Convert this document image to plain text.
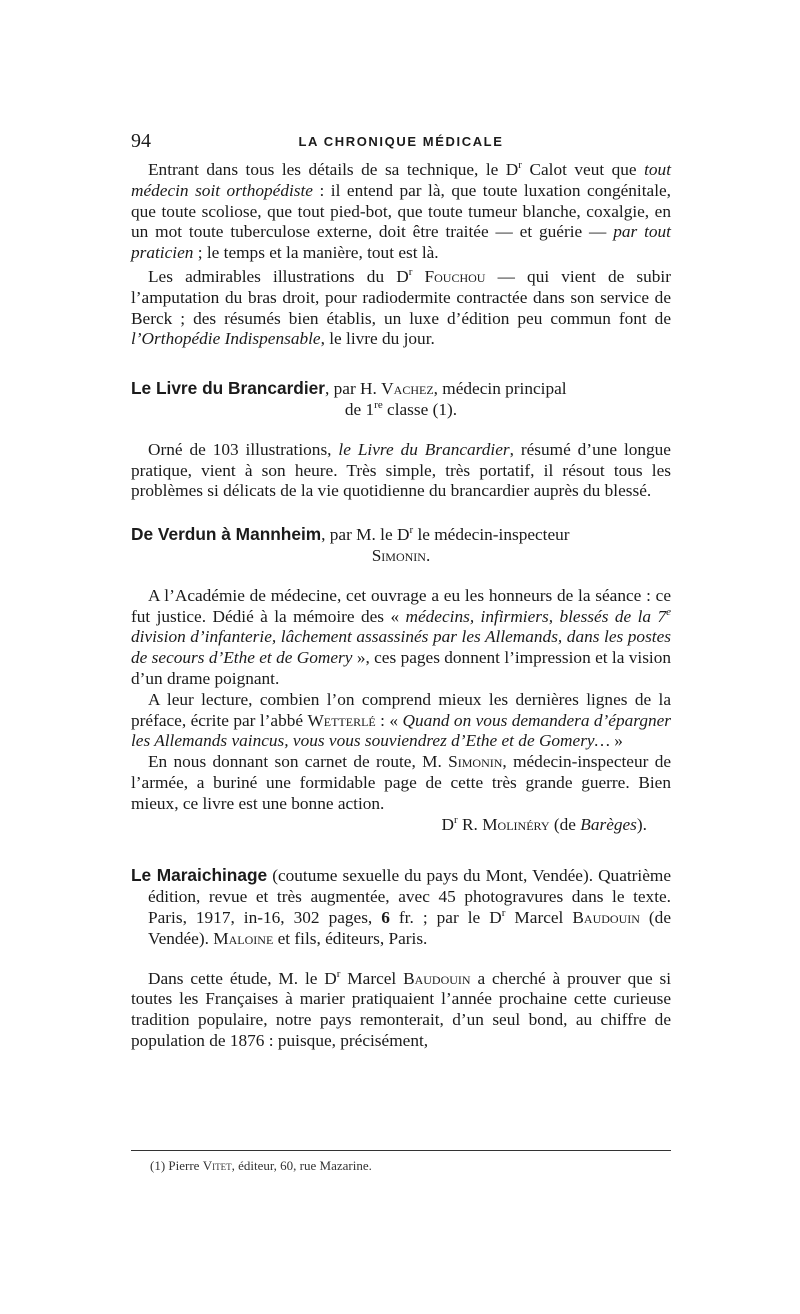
94	LA CHRONIQUE MÉDICALE

Entrant dans tous les détails de sa technique, le $D^r$ Calot veut que tout médecin soit orthopédiste : il entend par là, que toute luxation congénitale, que toute scoliose, que tout pied-bot, que toute tumeur blanche, coxalgie, en un mot toute tuberculose externe, doit être traitée — et guérie — par tout praticien ; le temps et la manière, tout est là.

Les admirables illustrations du $D^r$ Fouchou — qui vient de subir l’amputation du bras droit, pour radiodermite contractée dans son service de Berck ; des résumés bien établis, un luxe d’édition peu commun font de l’Orthopédie Indispensable, le livre du jour.

Le Livre du Brancardier, par H. Vachez, médecin principal

de 1re classe (1).

Orné de 103 illustrations, le Livre du Brancardier, résumé d’une longue pratique, vient à son heure. Très simple, très portatif, il résout tous les problèmes si délicats de la vie quotidienne du brancardier auprès du blessé.

De Verdun à Mannheim, par M. le $D^r$ le médecin-inspecteur

Simonin.

A l’Académie de médecine, cet ouvrage a eu les honneurs de la séance : ce fut justice. Dédié à la mémoire des « médecins, infirmiers, blessés de la 7e division d’infanterie, lâchement assassinés par les Allemands, dans les postes de secours d’Ethe et de Gomery », ces pages donnent l’impression et la vision d’un drame poignant.

A leur lecture, combien l’on comprend mieux les dernières lignes de la préface, écrite par l’abbé Wetterlé : « Quand on vous demandera d’épargner les Allemands vaincus, vous vous souviendrez d’Ethe et de Gomery… »

En nous donnant son carnet de route, M. Simonin, médecin-inspecteur de l’armée, a buriné une formidable page de cette très grande guerre. Bien mieux, ce livre est une bonne action.

$D^r$ R. Molinéry (de Barèges).

Le Maraichinage (coutume sexuelle du pays du Mont, Vendée). Quatrième édition, revue et très augmentée, avec 45 photogravures dans le texte. Paris, 1917, in-16, 302 pages, 6 fr. ; par le $D^r$ Marcel Baudouin (de Vendée). Maloine et fils, éditeurs, Paris.

Dans cette étude, M. le $D^r$ Marcel Baudouin a cherché à prouver que si toutes les Françaises à marier pratiquaient l’année prochaine cette curieuse tradition populaire, notre pays remonterait, d’un seul bond, au chiffre de population de 1876 : puisque, précisément,

(1) Pierre Vitet, éditeur, 60, rue Mazarine.
